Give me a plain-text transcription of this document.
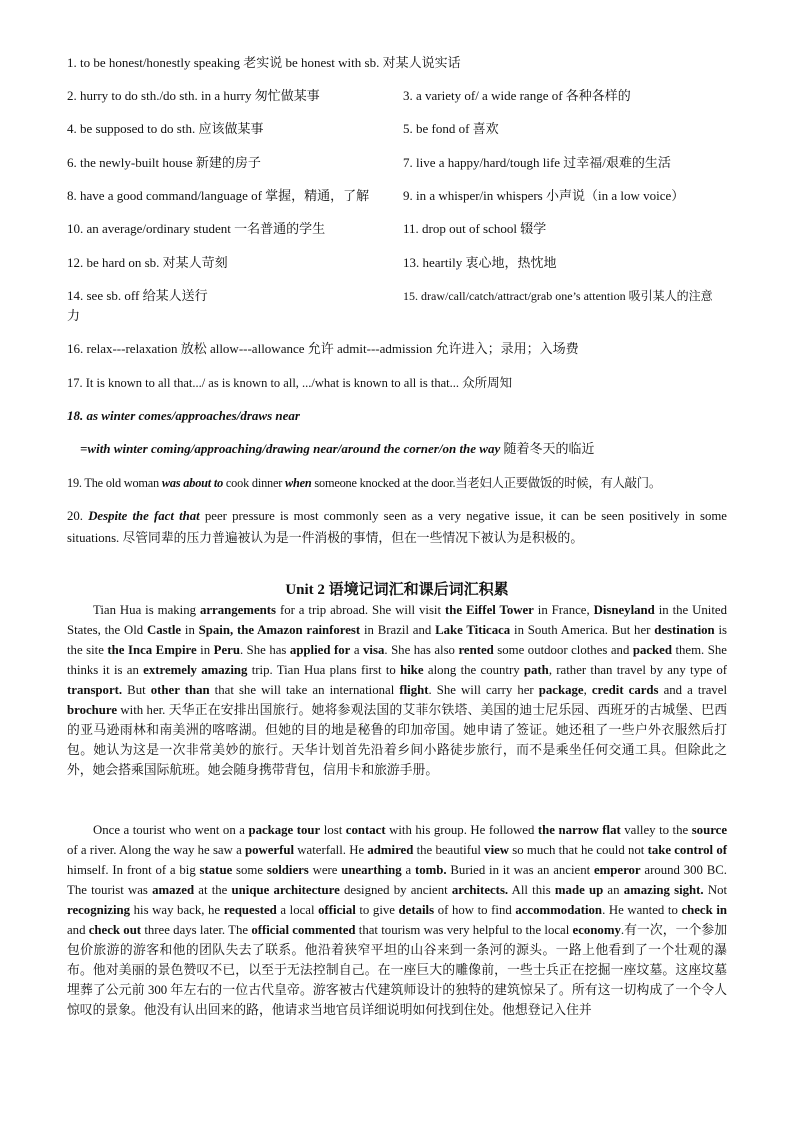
1. to be honest/honestly speaking 老实说 be honest with sb. 对某人说实话
2. hurry to do sth./do sth. in a hurry 匆忙做某事	3. a variety of/ a wide range of 各种各样的
4. be supposed to do sth. 应该做某事	5. be fond of 喜欢
6. the newly-built house 新建的房子	7. live a happy/hard/tough life 过幸福/艰难的生活
8. have a good command/language of 掌握，精通，了解	9. in a whisper/in whispers 小声说（in a low voice）
10. an average/ordinary student 一名普通的学生	11. drop out of school 辍学
12. be hard on sb. 对某人苛刻	13. heartily 衷心地，热忱地
14. see sb. off 给某人送行	15. draw/call/catch/attract/grab one’s attention 吸引某人的注意
力
16. relax---relaxation 放松 allow---allowance 允许 admit---admission 允许进入；录用；入场费
17. It is known to all that.../ as is known to all, .../what is known to all is that... 众所周知
18. as winter comes/approaches/draws near
=with winter coming/approaching/drawing near/around the corner/on the way 随着冬天的临近
19. The old woman was about to cook dinner when someone knocked at the door.当老妇人正要做饭的时候，有人敲门。
20. Despite the fact that peer pressure is most commonly seen as a very negative issue, it can be seen positively in some situations. 尽管同辈的压力普遍被认为是一件消极的事情，但在一些情况下被认为是积极的。
Unit 2 语境记词汇和课后词汇积累
Tian Hua is making arrangements for a trip abroad. She will visit the Eiffel Tower in France, Disneyland in the United States, the Old Castle in Spain, the Amazon rainforest in Brazil and Lake Titicaca in South America. But her destination is the site the Inca Empire in Peru. She has applied for a visa. She has also rented some outdoor clothes and packed them. She thinks it is an extremely amazing trip. Tian Hua plans first to hike along the country path, rather than travel by any type of transport. But other than that she will take an international flight. She will carry her package, credit cards and a travel brochure with her. 天华正在安排出国旅行。她将参观法国的艾菲尔铁塔、美国的迪士尼乐园、西班牙的古城堡、巴西的亚马逊雨林和南美洲的喀喀湖。但她的目的地是秘鲁的印加帝国。她申请了签证。她还租了一些户外衣服然后打包。她认为这是一次非常美妙的旅行。天华计划首先沿着乡间小路徒步旅行，而不是乘坐任何交通工具。但除此之外，她会搭乘国际航班。她会随身携带背包，信用卡和旅游手册。
Once a tourist who went on a package tour lost contact with his group. He followed the narrow flat valley to the source of a river. Along the way he saw a powerful waterfall. He admired the beautiful view so much that he could not take control of himself. In front of a big statue some soldiers were unearthing a tomb. Buried in it was an ancient emperor around 300 BC. The tourist was amazed at the unique architecture designed by ancient architects. All this made up an amazing sight. Not recognizing his way back, he requested a local official to give details of how to find accommodation. He wanted to check in and check out three days later. The official commented that tourism was very helpful to the local economy.有一次，一个参加包价旅游的游客和他的团队失去了联系。他沿着狭窄平坦的山谷来到一条河的源头。一路上他看到了一个壮观的瀑布。他对美丽的景色赞叹不已，以至于无法控制自己。在一座巨大的雕像前，一些士兵正在挖掘一座坟墓。这座坟墓埋葬了公元前 300 年左右的一位古代皇帝。游客被古代建筑师设计的独特的建筑惊呆了。所有这一切构成了一个令人惊叹的景象。他没有认出回来的路，他请求当地官员详细说明如何找到住处。他想登记入住并
